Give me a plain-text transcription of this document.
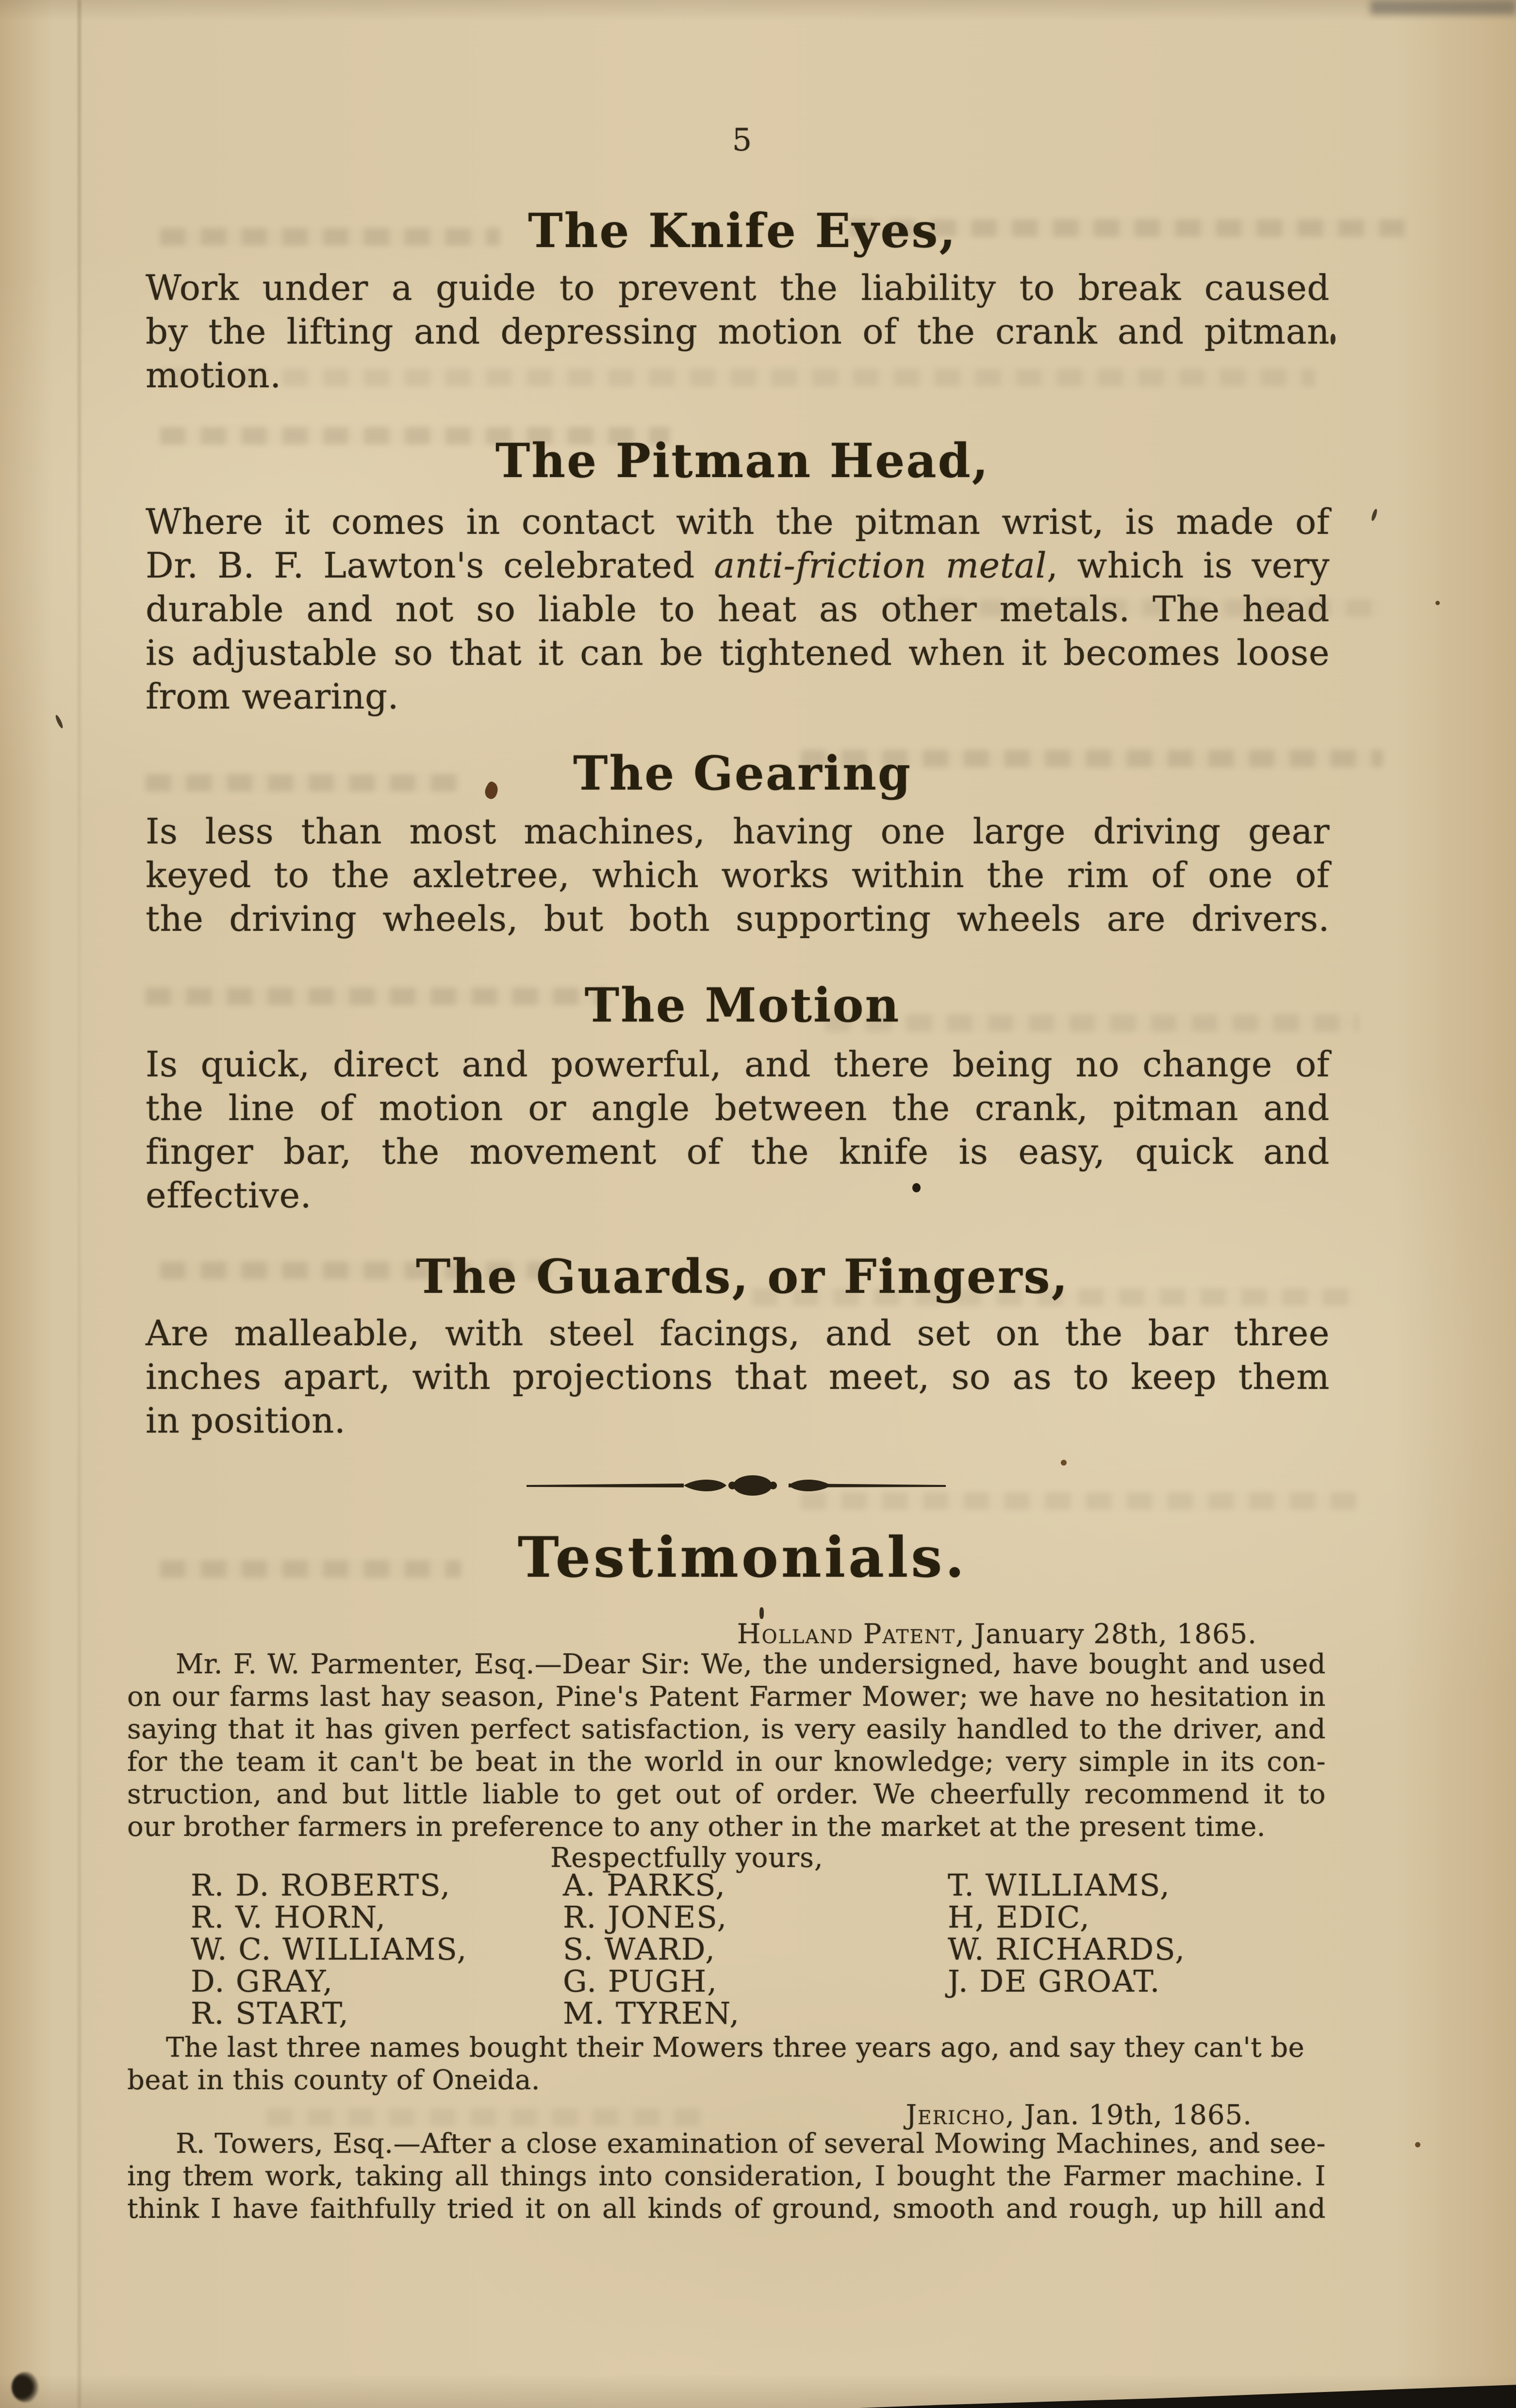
5
The Knife Eyes,
Work under a guide to prevent the liability to break caused
by the lifting and depressing motion of the crank and pitman
motion.
The Pitman Head,
Where it comes in contact with the pitman wrist, is made of
Dr. B. F. Lawton's celebrated anti-friction metal, which is very
durable and not so liable to heat as other metals. The head
is adjustable so that it can be tightened when it becomes loose
from wearing.
The Gearing
Is less than most machines, having one large driving gear
keyed to the axletree, which works within the rim of one of
the driving wheels, but both supporting wheels are drivers.
The Motion
Is quick, direct and powerful, and there being no change of
the line of motion or angle between the crank, pitman and
finger bar, the movement of the knife is easy, quick and
effective.
The Guards, or Fingers,
Are malleable, with steel facings, and set on the bar three
inches apart, with projections that meet, so as to keep them
in position.
Testimonials.
Holland Patent, January 28th, 1865.
Mr. F. W. Parmenter, Esq.—Dear Sir: We, the undersigned, have bought and used
on our farms last hay season, Pine's Patent Farmer Mower; we have no hesitation in
saying that it has given perfect satisfaction, is very easily handled to the driver, and
for the team it can't be beat in the world in our knowledge; very simple in its con-
struction, and but little liable to get out of order. We cheerfully recommend it to
our brother farmers in preference to any other in the market at the present time.
Respectfully yours,
R. D. ROBERTS,
R. V. HORN,
W. C. WILLIAMS,
D. GRAY,
R. START,
A. PARKS,
R. JONES,
S. WARD,
G. PUGH,
M. TYREN,
T. WILLIAMS,
H, EDIC,
W. RICHARDS,
J. DE GROAT.
The last three names bought their Mowers three years ago, and say they can't be
beat in this county of Oneida.
Jericho, Jan. 19th, 1865.
R. Towers, Esq.—After a close examination of several Mowing Machines, and see-
ing them work, taking all things into consideration, I bought the Farmer machine. I
think I have faithfully tried it on all kinds of ground, smooth and rough, up hill and
